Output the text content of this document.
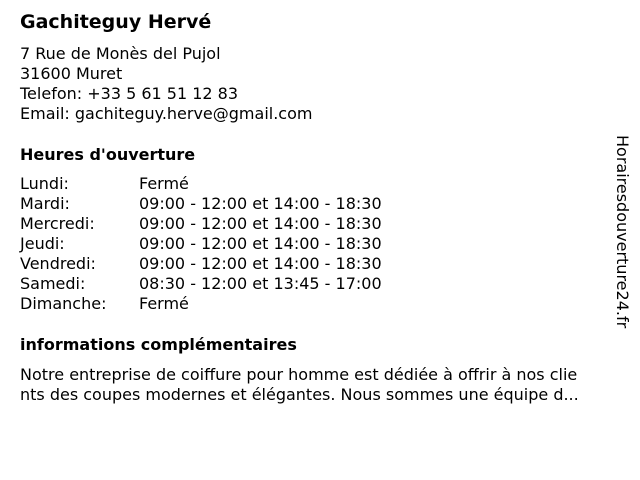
Gachiteguy Hervé
7 Rue de Monès del Pujol
31600 Muret
Telefon: +33 5 61 51 12 83
Email: gachiteguy.herve@gmail.com
Heures d'ouverture
Lundi:	Fermé
Mardi:	09:00 - 12:00 et 14:00 - 18:30
Mercredi:	09:00 - 12:00 et 14:00 - 18:30
Jeudi:	09:00 - 12:00 et 14:00 - 18:30
Vendredi:	09:00 - 12:00 et 14:00 - 18:30
Samedi:	08:30 - 12:00 et 13:45 - 17:00
Dimanche: Fermé
informations complémentaires
Notre entreprise de coiffure pour homme est dédiée à offrir à nos clie
nts des coupes modernes et élégantes. Nous sommes une équipe d...
Horairesdouverture24.fr
